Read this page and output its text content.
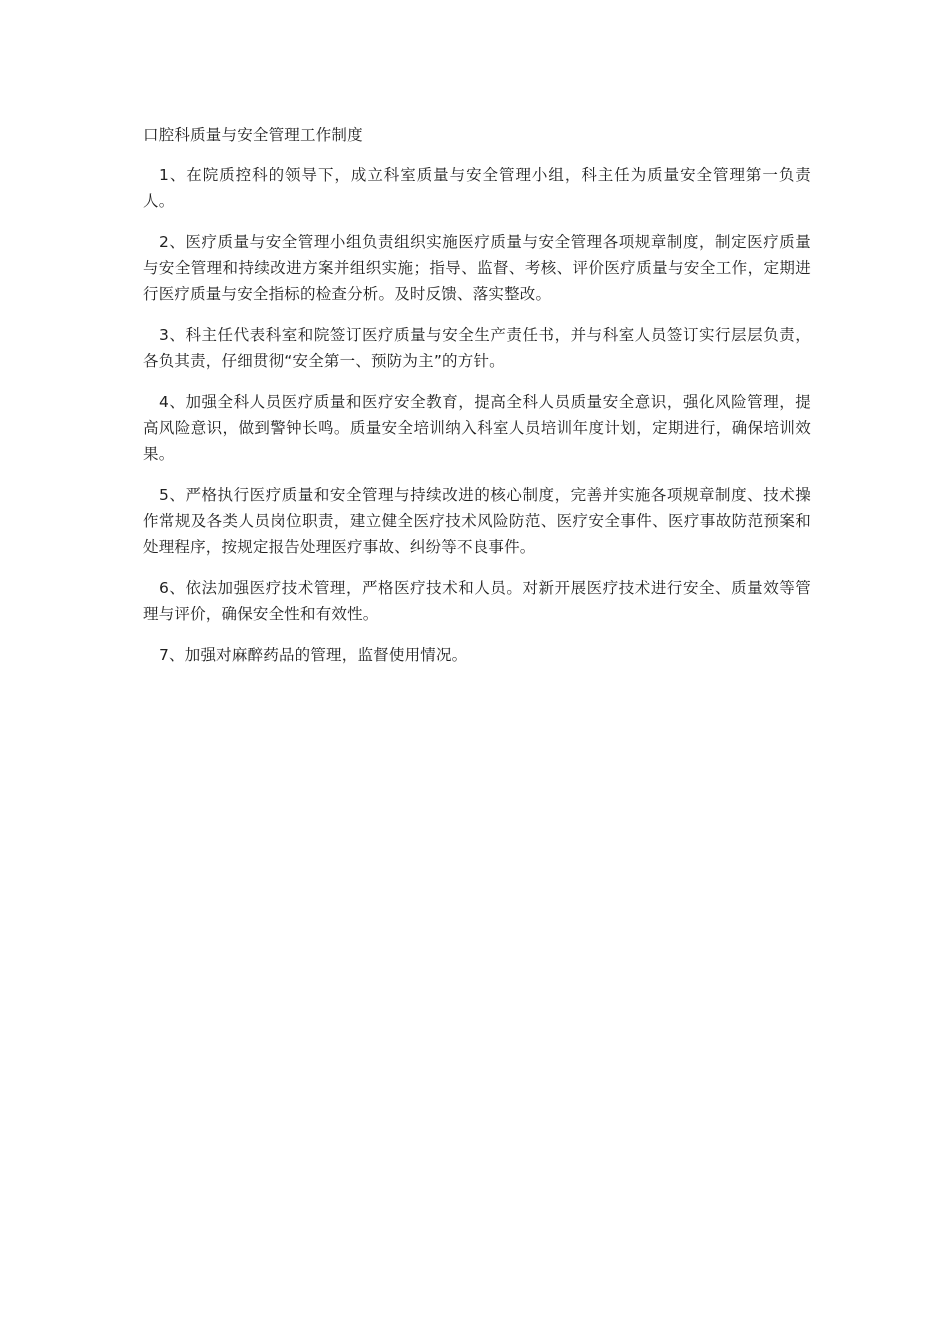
口腔科质量与安全管理工作制度

1、在院质控科的领导下，成立科室质量与安全管理小组，科主任为质量安全管理第一负责人。

2、医疗质量与安全管理小组负责组织实施医疗质量与安全管理各项规章制度，制定医疗质量与安全管理和持续改进方案并组织实施；指导、监督、考核、评价医疗质量与安全工作，定期进行医疗质量与安全指标的检查分析。及时反馈、落实整改。

3、科主任代表科室和院签订医疗质量与安全生产责任书，并与科室人员签订实行层层负责，各负其责，仔细贯彻“安全第一、预防为主”的方针。

4、加强全科人员医疗质量和医疗安全教育，提高全科人员质量安全意识，强化风险管理，提高风险意识，做到警钟长鸣。质量安全培训纳入科室人员培训年度计划，定期进行，确保培训效果。

5、严格执行医疗质量和安全管理与持续改进的核心制度，完善并实施各项规章制度、技术操作常规及各类人员岗位职责，建立健全医疗技术风险防范、医疗安全事件、医疗事故防范预案和处理程序，按规定报告处理医疗事故、纠纷等不良事件。

6、依法加强医疗技术管理，严格医疗技术和人员。对新开展医疗技术进行安全、质量效等管理与评价，确保安全性和有效性。

7、加强对麻醉药品的管理，监督使用情况。
